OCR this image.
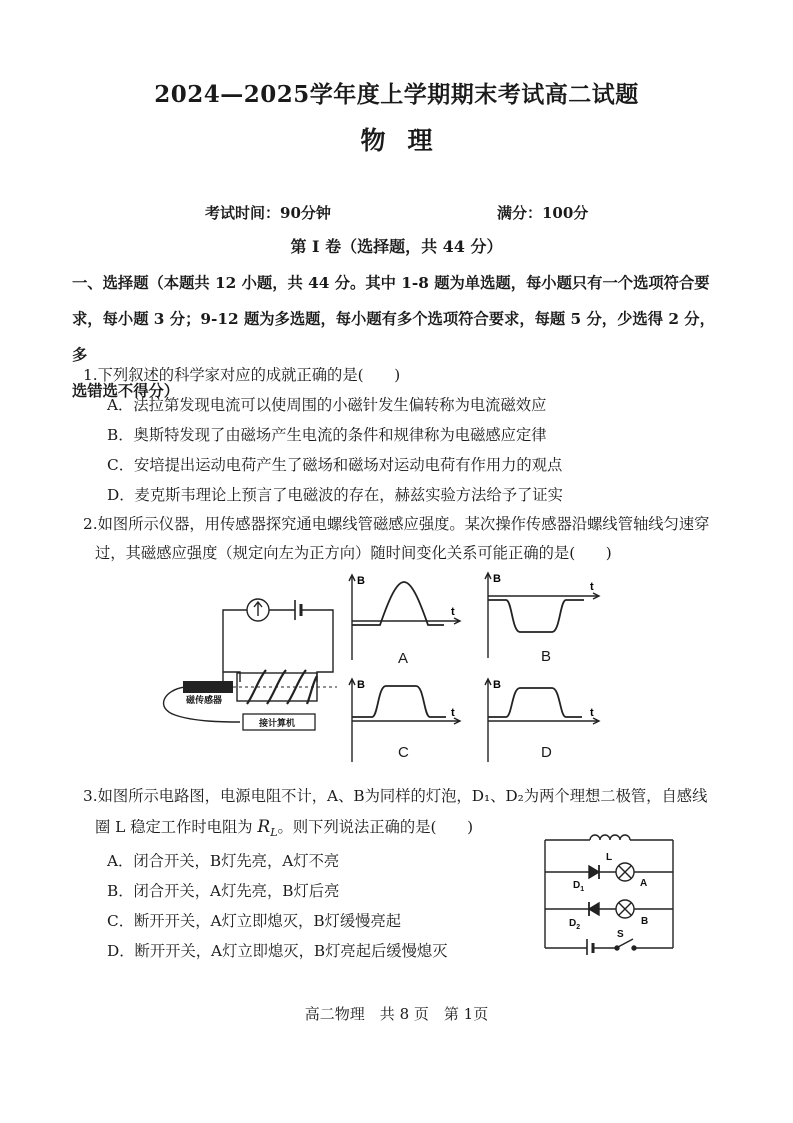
2024—2025学年度上学期期末考试高二试题
物理
考试时间：90分钟	满分：100分
第 I 卷（选择题，共 44 分）
一、选择题（本题共 12 小题，共 44 分。其中 1-8 题为单选题，每小题只有一个选项符合要
求，每小题 3 分；9-12 题为多选题，每小题有多个选项符合要求，每题 5 分，少选得 2 分，多
选错选不得分）
1.下列叙述的科学家对应的成就正确的是(　　)
A．法拉第发现电流可以使周围的小磁针发生偏转称为电流磁效应
B．奥斯特发现了由磁场产生电流的条件和规律称为电磁感应定律
C．安培提出运动电荷产生了磁场和磁场对运动电荷有作用力的观点
D．麦克斯韦理论上预言了电磁波的存在，赫兹实验方法给予了证实
2.如图所示仪器，用传感器探究通电螺线管磁感应强度。某次操作传感器沿螺线管轴线匀速穿
过，其磁感应强度（规定向左为正方向）随时间变化关系可能正确的是(　　)
磁传感器
接计算机
B
t
A
B
t
B
B
t
C
B
t
D
3.如图所示电路图，电源电阻不计，A、B为同样的灯泡，D₁、D₂为两个理想二极管，自感线
圈 L 稳定工作时电阻为 $R_L$。则下列说法正确的是(　　)
A．闭合开关，B灯先亮，A灯不亮
B．闭合开关，A灯先亮，B灯后亮
C．断开开关，A灯立即熄灭，B灯缓慢亮起
D．断开开关，A灯立即熄灭，B灯亮起后缓慢熄灭
L
$D_1$
A
$D_2$
B
S
高二物理　共 8 页　第 1页
